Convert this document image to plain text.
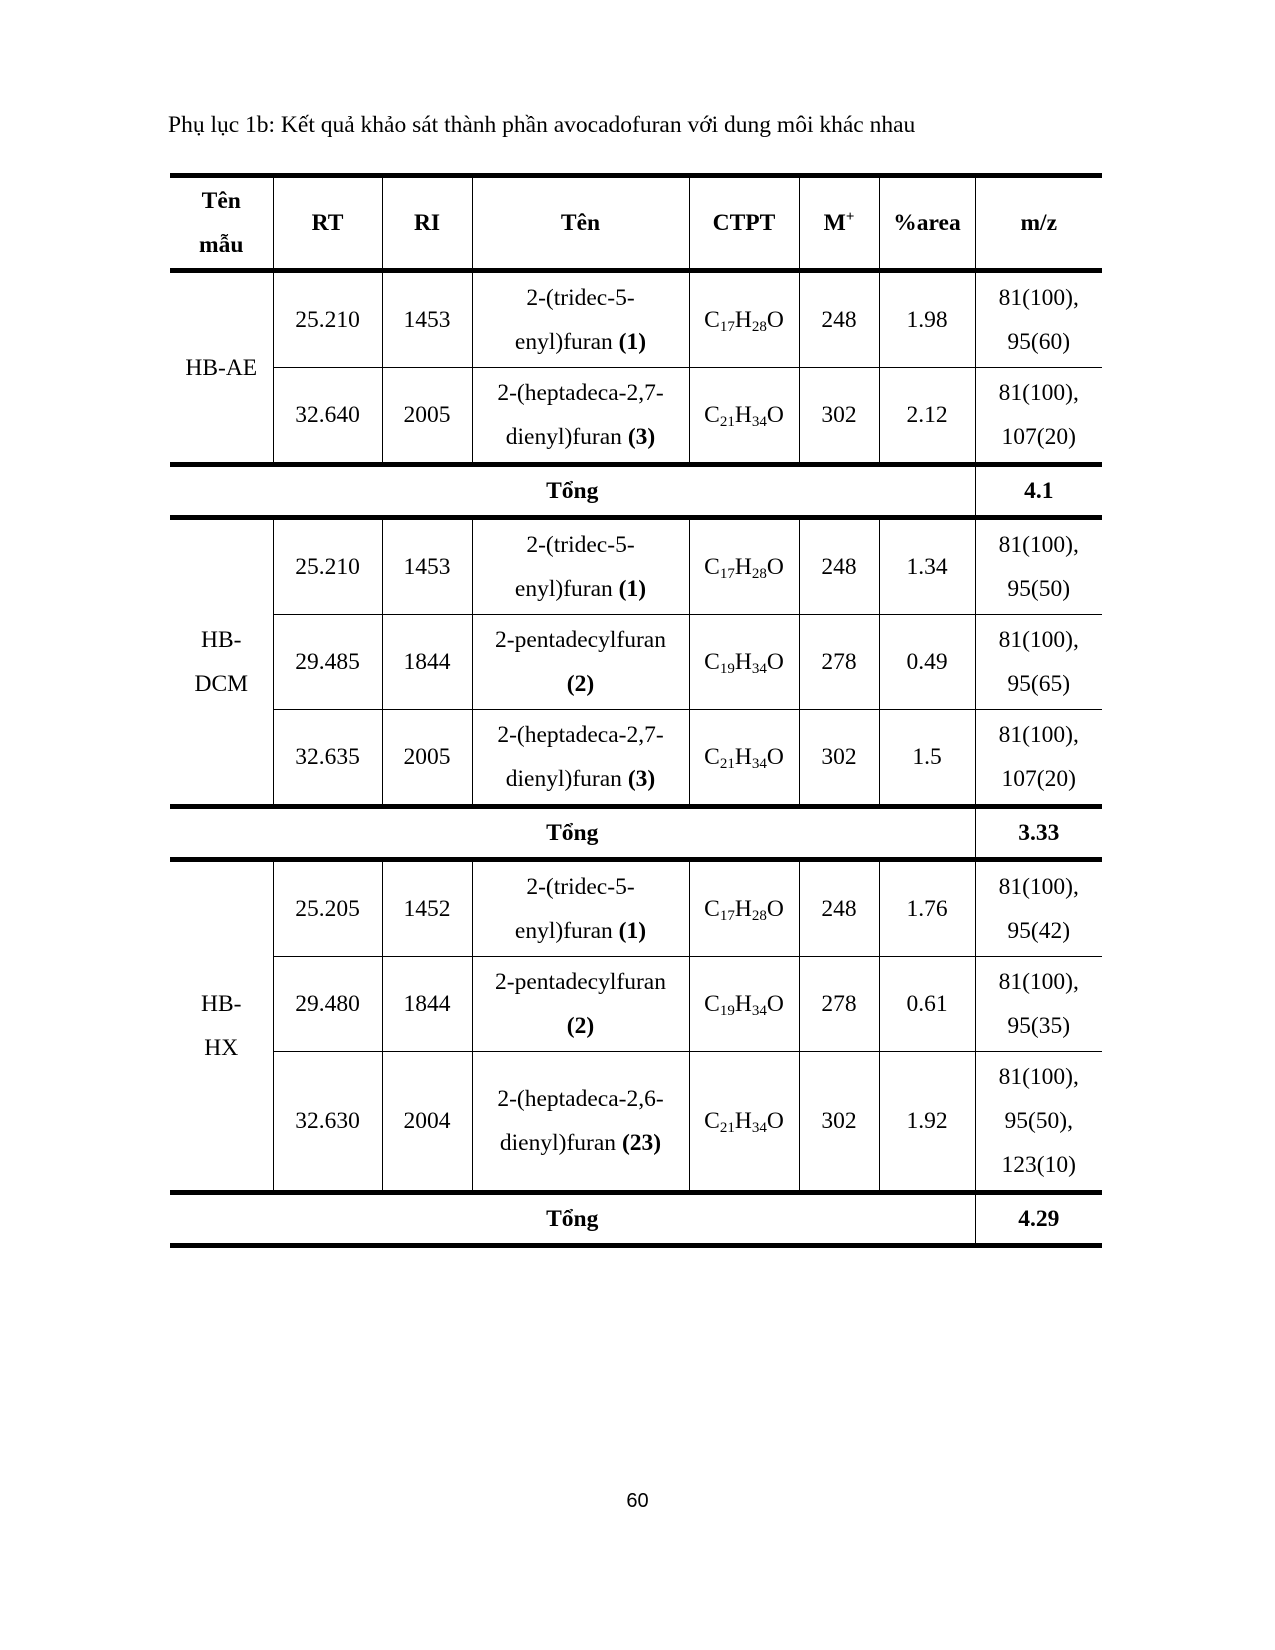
Phụ lục 1b: Kết quả khảo sát thành phần avocadofuran với dung môi khác nhau
Tên
mẫu	RT	RI	Tên	CTPT	M+	%area	m/z
HB-AE	25.210	1453	2-(tridec-5-enyl)furan (1)	$C_{17}H_{28}O$	248	1.98	81(100),
95(60)
	32.640	2005	2-(heptadeca-2,7-dienyl)furan (3)	$C_{21}H_{34}O$	302	2.12	81(100),
107(20)
Tổng							4.1
HB-
DCM	25.210	1453	2-(tridec-5-enyl)furan (1)	$C_{17}H_{28}O$	248	1.34	81(100),
95(50)
	29.485	1844	2-pentadecylfuran (2)	$C_{19}H_{34}O$	278	0.49	81(100),
95(65)
	32.635	2005	2-(heptadeca-2,7-dienyl)furan (3)	$C_{21}H_{34}O$	302	1.5	81(100),
107(20)
Tổng							3.33
HB-
HX	25.205	1452	2-(tridec-5-enyl)furan (1)	$C_{17}H_{28}O$	248	1.76	81(100),
95(42)
	29.480	1844	2-pentadecylfuran (2)	$C_{19}H_{34}O$	278	0.61	81(100),
95(35)
	32.630	2004	2-(heptadeca-2,6-dienyl)furan (23)	$C_{21}H_{34}O$	302	1.92	81(100),
95(50),
123(10)
Tổng							4.29
60
